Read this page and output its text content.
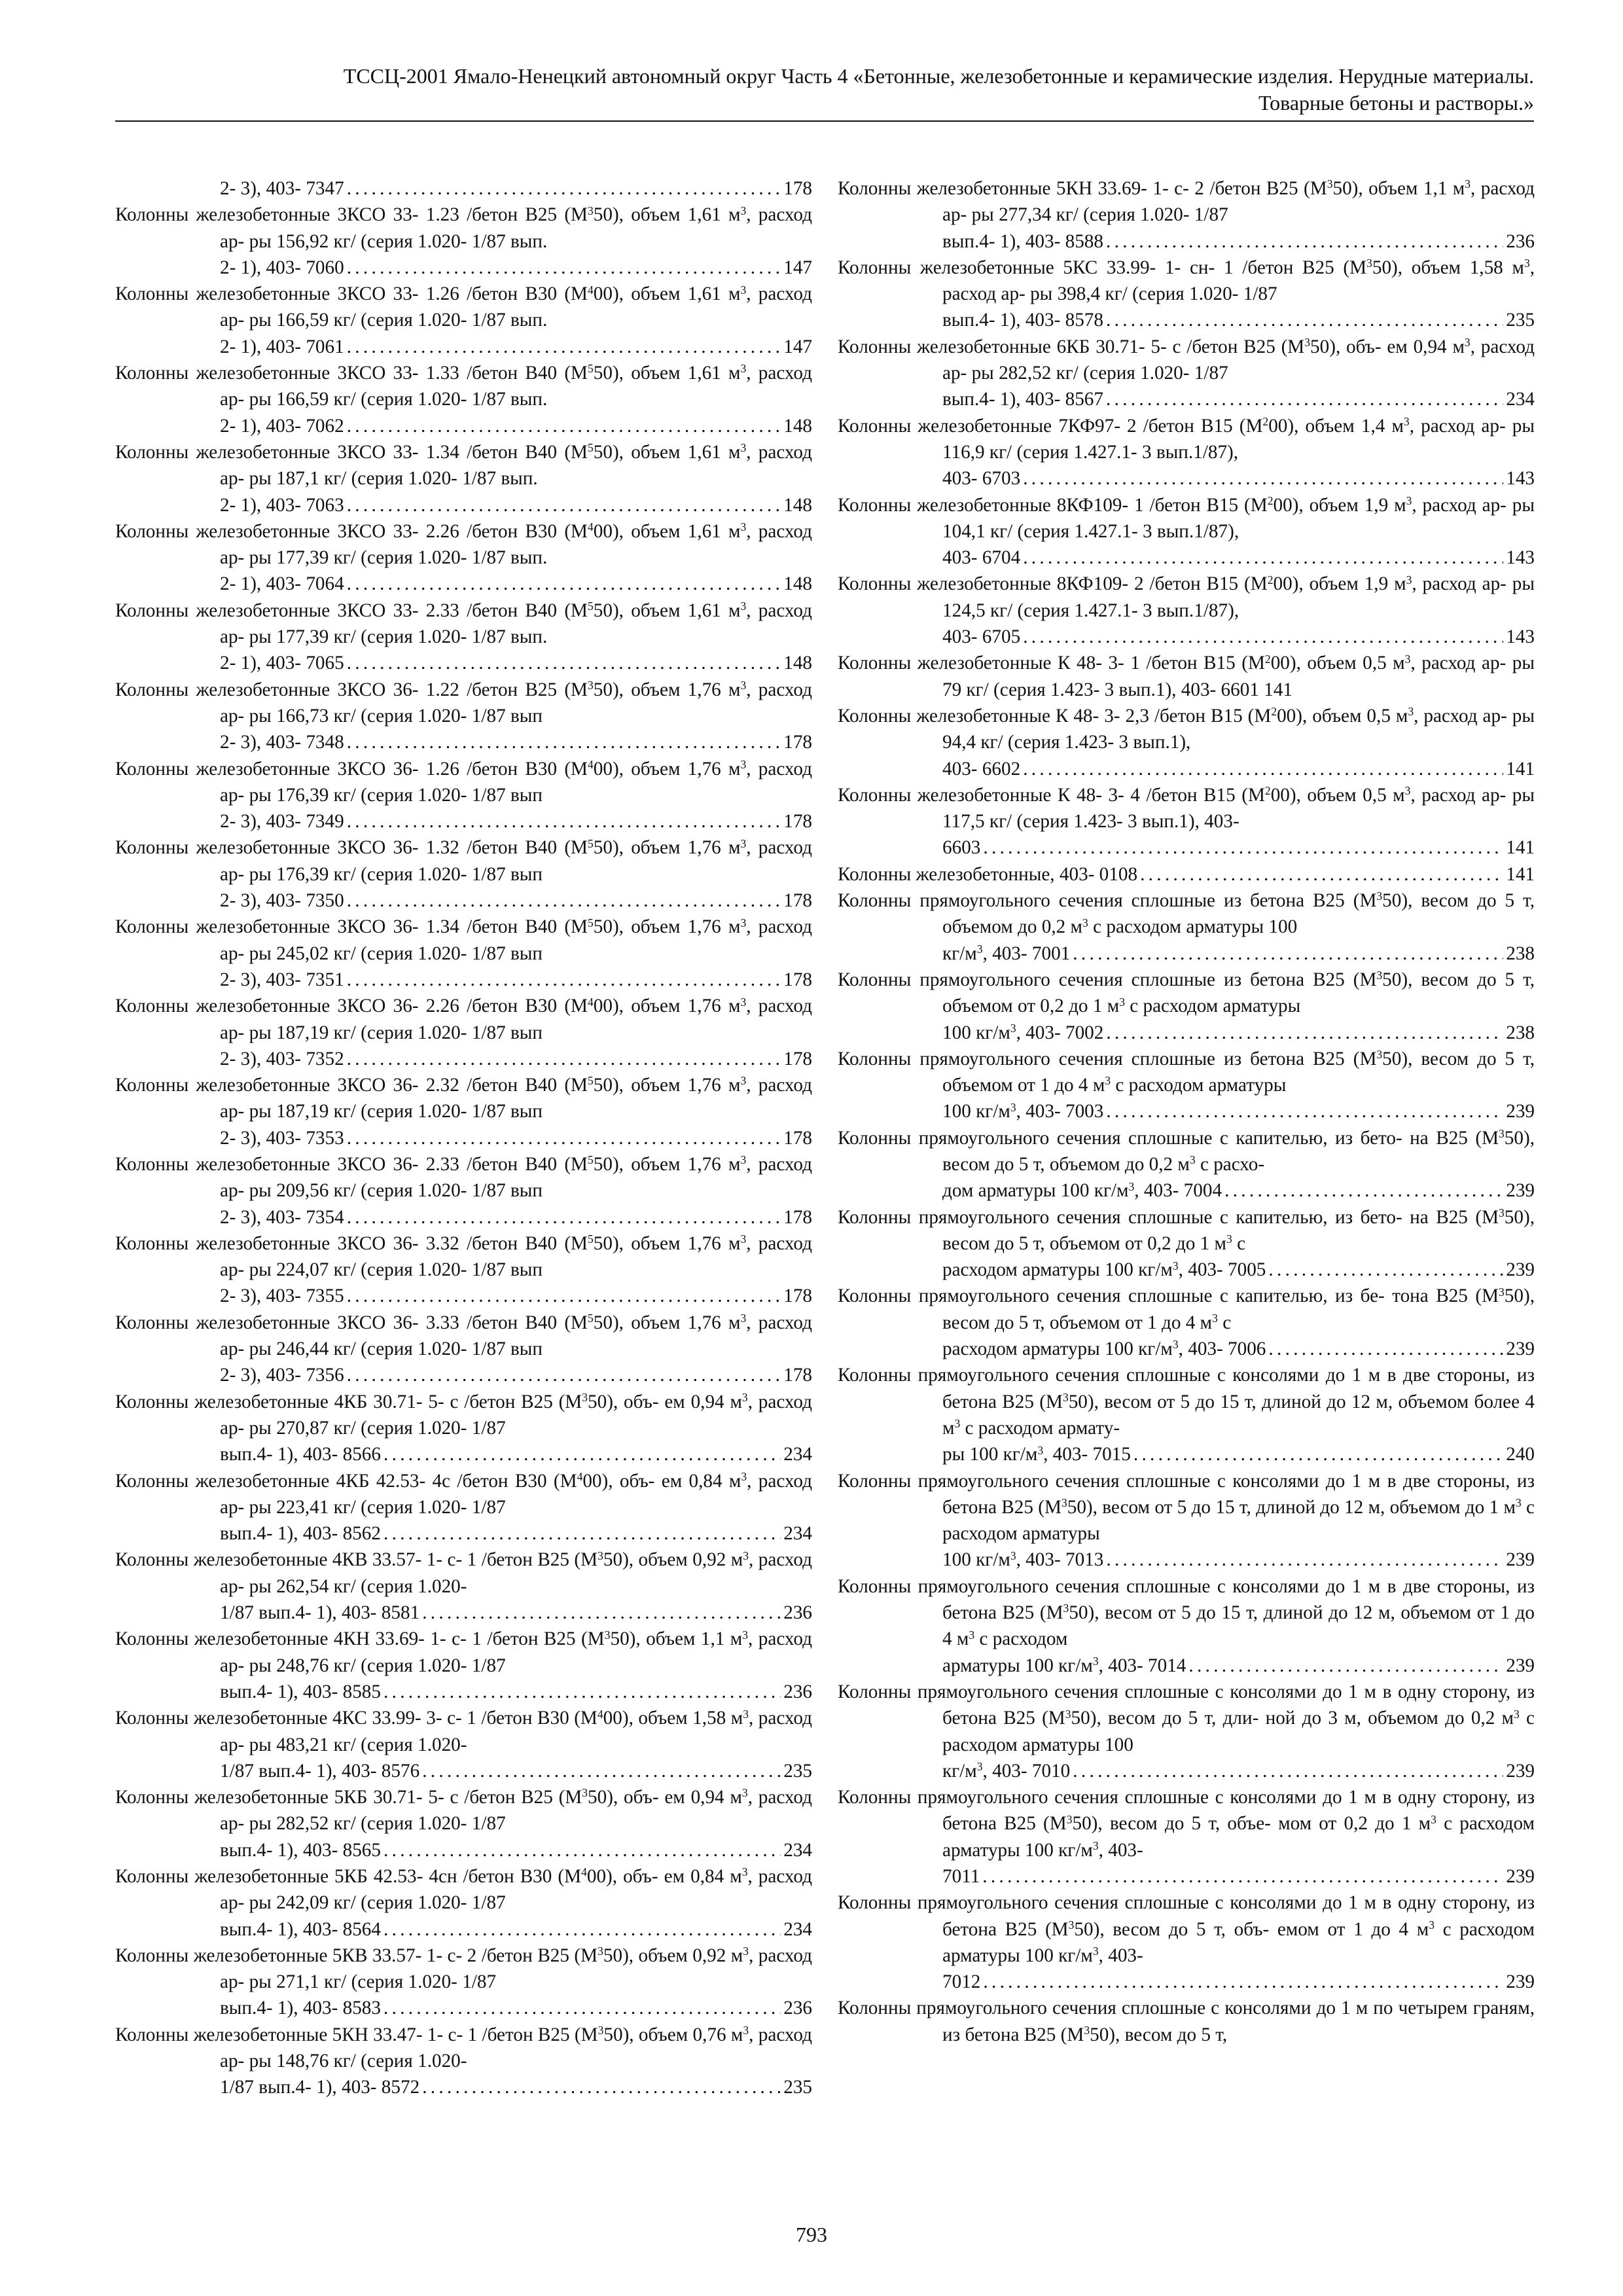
ТССЦ-2001 Ямало-Ненецкий автономный округ Часть 4 «Бетонные, железобетонные и керамические изделия. Нерудные материалы.
Товарные бетоны и растворы.»
2- 3), 403- 7347 . . .	178
Колонны железобетонные 3КСО 33- 1.23 /бетон В25 $(М^350)$, объем 1,61 $м^3$, расход ар- ры 156,92 кг/ (серия 1.020- 1/87 вып.
2- 1), 403- 7060 . . .	147
Колонны железобетонные 3КСО 33- 1.26 /бетон В30 $(М^400)$, объем 1,61 $м^3$, расход ар- ры 166,59 кг/ (серия 1.020- 1/87 вып.
2- 1), 403- 7061 . . .	147
Колонны железобетонные 3КСО 33- 1.33 /бетон В40 $(М^550)$, объем 1,61 $м^3$, расход ар- ры 166,59 кг/ (серия 1.020- 1/87 вып.
2- 1), 403- 7062 . . .	148
Колонны железобетонные 3КСО 33- 1.34 /бетон В40 $(М^550)$, объем 1,61 $м^3$, расход ар- ры 187,1 кг/ (серия 1.020- 1/87 вып.
2- 1), 403- 7063 . . .	148
Колонны железобетонные 3КСО 33- 2.26 /бетон В30 $(М^400)$, объем 1,61 $м^3$, расход ар- ры 177,39 кг/ (серия 1.020- 1/87 вып.
2- 1), 403- 7064 . . .	148
Колонны железобетонные 3КСО 33- 2.33 /бетон В40 $(М^550)$, объем 1,61 $м^3$, расход ар- ры 177,39 кг/ (серия 1.020- 1/87 вып.
2- 1), 403- 7065 . . .	148
Колонны железобетонные 3КСО 36- 1.22 /бетон В25 $(М^350)$, объем 1,76 $м^3$, расход ар- ры 166,73 кг/ (серия 1.020- 1/87 вып
2- 3), 403- 7348 . . .	178
Колонны железобетонные 3КСО 36- 1.26 /бетон В30 $(М^400)$, объем 1,76 $м^3$, расход ар- ры 176,39 кг/ (серия 1.020- 1/87 вып
2- 3), 403- 7349 . . .	178
Колонны железобетонные 3КСО 36- 1.32 /бетон В40 $(М^550)$, объем 1,76 $м^3$, расход ар- ры 176,39 кг/ (серия 1.020- 1/87 вып
2- 3), 403- 7350 . . .	178
Колонны железобетонные 3КСО 36- 1.34 /бетон В40 $(М^550)$, объем 1,76 $м^3$, расход ар- ры 245,02 кг/ (серия 1.020- 1/87 вып
2- 3), 403- 7351 . . .	178
Колонны железобетонные 3КСО 36- 2.26 /бетон В30 $(М^400)$, объем 1,76 $м^3$, расход ар- ры 187,19 кг/ (серия 1.020- 1/87 вып
2- 3), 403- 7352 . . .	178
Колонны железобетонные 3КСО 36- 2.32 /бетон В40 $(М^550)$, объем 1,76 $м^3$, расход ар- ры 187,19 кг/ (серия 1.020- 1/87 вып
2- 3), 403- 7353 . . .	178
Колонны железобетонные 3КСО 36- 2.33 /бетон В40 $(М^550)$, объем 1,76 $м^3$, расход ар- ры 209,56 кг/ (серия 1.020- 1/87 вып
2- 3), 403- 7354 . . .	178
Колонны железобетонные 3КСО 36- 3.32 /бетон В40 $(М^550)$, объем 1,76 $м^3$, расход ар- ры 224,07 кг/ (серия 1.020- 1/87 вып
2- 3), 403- 7355 . . .	178
Колонны железобетонные 3КСО 36- 3.33 /бетон В40 $(М^550)$, объем 1,76 $м^3$, расход ар- ры 246,44 кг/ (серия 1.020- 1/87 вып
2- 3), 403- 7356 . . .	178
Колонны железобетонные 4КБ 30.71- 5- с /бетон В25 $(М^350)$, объ- ем 0,94 $м^3$, расход ар- ры 270,87 кг/ (серия 1.020- 1/87
вып.4- 1), 403- 8566 . . .	234
Колонны железобетонные 4КБ 42.53- 4с /бетон В30 $(М^400)$, объ- ем 0,84 $м^3$, расход ар- ры 223,41 кг/ (серия 1.020- 1/87
вып.4- 1), 403- 8562 . . .	234
Колонны железобетонные 4КВ 33.57- 1- с- 1 /бетон В25 $(М^350)$, объем 0,92 $м^3$, расход ар- ры 262,54 кг/ (серия 1.020-
1/87 вып.4- 1), 403- 8581 . . .	236
Колонны железобетонные 4КН 33.69- 1- с- 1 /бетон В25 $(М^350)$, объем 1,1 $м^3$, расход ар- ры 248,76 кг/ (серия 1.020- 1/87
вып.4- 1), 403- 8585 . . .	236
Колонны железобетонные 4КС 33.99- 3- с- 1 /бетон В30 $(М^400)$, объем 1,58 $м^3$, расход ар- ры 483,21 кг/ (серия 1.020-
1/87 вып.4- 1), 403- 8576 . . .	235
Колонны железобетонные 5КБ 30.71- 5- с /бетон В25 $(М^350)$, объ- ем 0,94 $м^3$, расход ар- ры 282,52 кг/ (серия 1.020- 1/87
вып.4- 1), 403- 8565 . . .	234
Колонны железобетонные 5КБ 42.53- 4сн /бетон В30 $(М^400)$, объ- ем 0,84 $м^3$, расход ар- ры 242,09 кг/ (серия 1.020- 1/87
вып.4- 1), 403- 8564 . . .	234
Колонны железобетонные 5КВ 33.57- 1- с- 2 /бетон В25 $(М^350)$, объем 0,92 $м^3$, расход ар- ры 271,1 кг/ (серия 1.020- 1/87
вып.4- 1), 403- 8583 . . .	236
Колонны железобетонные 5КН 33.47- 1- с- 1 /бетон В25 $(М^350)$, объем 0,76 $м^3$, расход ар- ры 148,76 кг/ (серия 1.020-
1/87 вып.4- 1), 403- 8572 . . .	235
Колонны железобетонные 5КН 33.69- 1- с- 2 /бетон В25 $(М^350)$, объем 1,1 $м^3$, расход ар- ры 277,34 кг/ (серия 1.020- 1/87
вып.4- 1), 403- 8588 . . .	236
Колонны железобетонные 5КС 33.99- 1- сн- 1 /бетон В25 $(М^350)$, объем 1,58 $м^3$, расход ар- ры 398,4 кг/ (серия 1.020- 1/87
вып.4- 1), 403- 8578 . . .	235
Колонны железобетонные 6КБ 30.71- 5- с /бетон В25 $(М^350)$, объ- ем 0,94 $м^3$, расход ар- ры 282,52 кг/ (серия 1.020- 1/87
вып.4- 1), 403- 8567 . . .	234
Колонны железобетонные 7КФ97- 2 /бетон В15 $(М^200)$, объем 1,4 $м^3$, расход ар- ры 116,9 кг/ (серия 1.427.1- 3 вып.1/87),
403- 6703 . . .	143
Колонны железобетонные 8КФ109- 1 /бетон В15 $(М^200)$, объем 1,9 $м^3$, расход ар- ры 104,1 кг/ (серия 1.427.1- 3 вып.1/87),
403- 6704 . . .	143
Колонны железобетонные 8КФ109- 2 /бетон В15 $(М^200)$, объем 1,9 $м^3$, расход ар- ры 124,5 кг/ (серия 1.427.1- 3 вып.1/87),
403- 6705 . . .	143
Колонны железобетонные К 48- 3- 1 /бетон В15 $(М^200)$, объем 0,5 $м^3$, расход ар- ры 79 кг/ (серия 1.423- 3 вып.1), 403- 6601 141
Колонны железобетонные К 48- 3- 2,3 /бетон В15 $(М^200)$, объем 0,5 $м^3$, расход ар- ры 94,4 кг/ (серия 1.423- 3 вып.1),
403- 6602 . . .	141
Колонны железобетонные К 48- 3- 4 /бетон В15 $(М^200)$, объем 0,5 $м^3$, расход ар- ры 117,5 кг/ (серия 1.423- 3 вып.1), 403-
6603 . . .	141
Колонны железобетонные, 403- 0108 . . .	141
Колонны прямоугольного сечения сплошные из бетона В25 $(М^350)$, весом до 5 т, объемом до 0,2 $м^3$ с расходом арматуры 100
$кг/м^3$, 403- 7001 . . .	238
Колонны прямоугольного сечения сплошные из бетона В25 $(М^350)$, весом до 5 т, объемом от 0,2 до 1 $м^3$ с расходом арматуры
100 $кг/м^3$, 403- 7002 . . .	238
Колонны прямоугольного сечения сплошные из бетона В25 $(М^350)$, весом до 5 т, объемом от 1 до 4 $м^3$ с расходом арматуры
100 $кг/м^3$, 403- 7003 . . .	239
Колонны прямоугольного сечения сплошные с капителью, из бето- на В25 $(М^350)$, весом до 5 т, объемом до 0,2 $м^3$ с расхо-
дом арматуры 100 $кг/м^3$, 403- 7004 . . .	239
Колонны прямоугольного сечения сплошные с капителью, из бето- на В25 $(М^350)$, весом до 5 т, объемом от 0,2 до 1 $м^3$ с
расходом арматуры 100 $кг/м^3$, 403- 7005 . . .	239
Колонны прямоугольного сечения сплошные с капителью, из бе- тона В25 $(М^350)$, весом до 5 т, объемом от 1 до 4 $м^3$ с
расходом арматуры 100 $кг/м^3$, 403- 7006 . . .	239
Колонны прямоугольного сечения сплошные с консолями до 1 м в две стороны, из бетона В25 $(М^350)$, весом от 5 до 15 т, длиной до 12 м, объемом более 4 $м^3$ с расходом армату-
ры 100 $кг/м^3$, 403- 7015 . . .	240
Колонны прямоугольного сечения сплошные с консолями до 1 м в две стороны, из бетона В25 $(М^350)$, весом от 5 до 15 т, длиной до 12 м, объемом до 1 $м^3$ с расходом арматуры
100 $кг/м^3$, 403- 7013 . . .	239
Колонны прямоугольного сечения сплошные с консолями до 1 м в две стороны, из бетона В25 $(М^350)$, весом от 5 до 15 т, длиной до 12 м, объемом от 1 до 4 $м^3$ с расходом
арматуры 100 $кг/м^3$, 403- 7014 . . .	239
Колонны прямоугольного сечения сплошные с консолями до 1 м в одну сторону, из бетона В25 $(М^350)$, весом до 5 т, дли- ной до 3 м, объемом до 0,2 $м^3$ с расходом арматуры 100
$кг/м^3$, 403- 7010 . . .	239
Колонны прямоугольного сечения сплошные с консолями до 1 м в одну сторону, из бетона В25 $(М^350)$, весом до 5 т, объе- мом от 0,2 до 1 $м^3$ с расходом арматуры 100 $кг/м^3$, 403-
7011 . . .	239
Колонны прямоугольного сечения сплошные с консолями до 1 м в одну сторону, из бетона В25 $(М^350)$, весом до 5 т, объ- емом от 1 до 4 $м^3$ с расходом арматуры 100 $кг/м^3$, 403-
7012 . . .	239
Колонны прямоугольного сечения сплошные с консолями до 1 м по четырем граням, из бетона В25 $(М^350)$, весом до 5 т,
793
